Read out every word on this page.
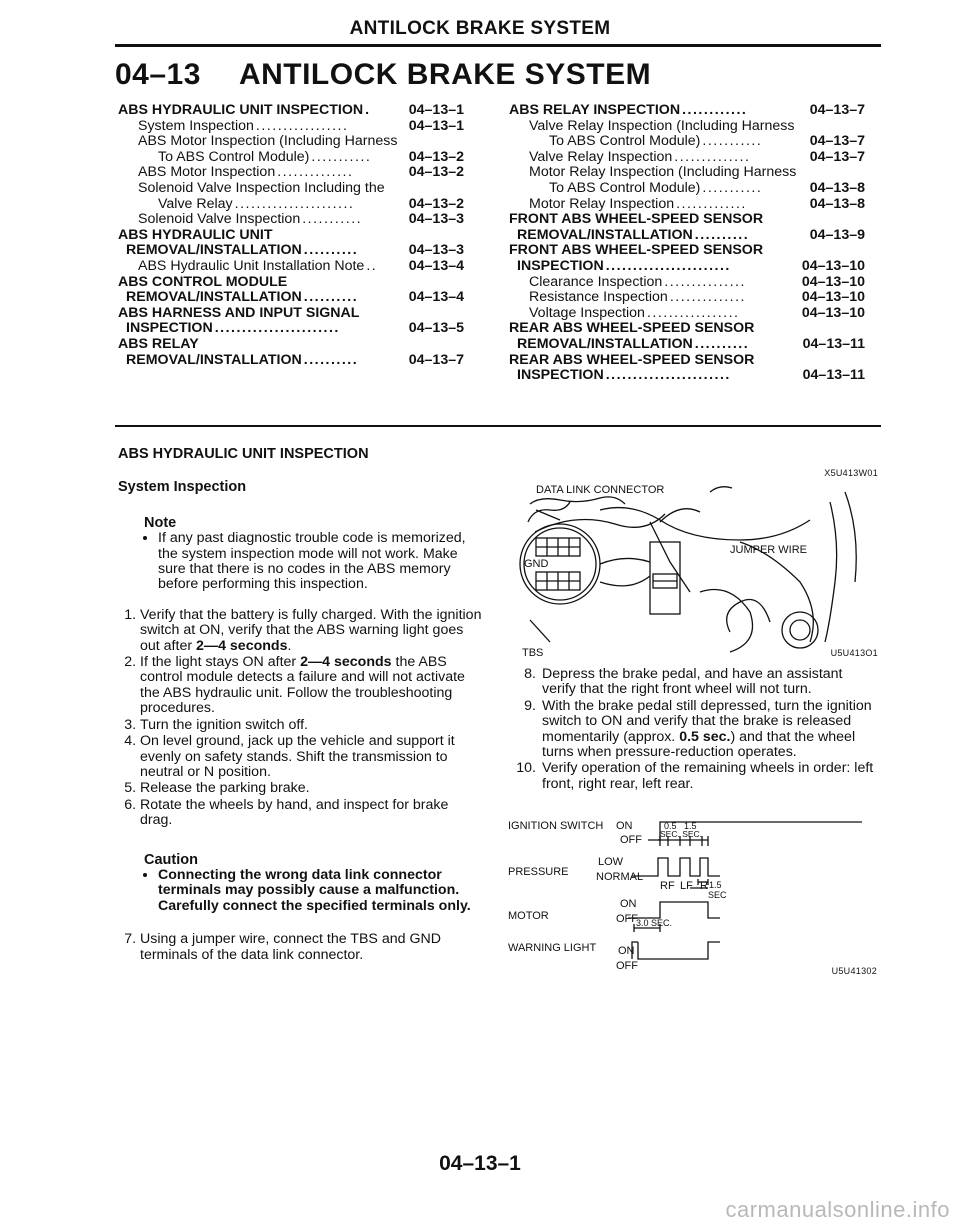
ANTILOCK BRAKE SYSTEM
04–13 ANTILOCK BRAKE SYSTEM
ABS HYDRAULIC UNIT INSPECTION .	04–13–1
System Inspection .................	04–13–1
ABS Motor Inspection (Including Harness
To ABS Control Module) ...........	04–13–2
ABS Motor Inspection ..............	04–13–2
Solenoid Valve Inspection Including the
Valve Relay ......................	04–13–2
Solenoid Valve Inspection ...........	04–13–3
ABS HYDRAULIC UNIT
REMOVAL/INSTALLATION ..........	04–13–3
ABS Hydraulic Unit Installation Note ..	04–13–4
ABS CONTROL MODULE
REMOVAL/INSTALLATION ..........	04–13–4
ABS HARNESS AND INPUT SIGNAL
INSPECTION .......................	04–13–5
ABS RELAY
REMOVAL/INSTALLATION ..........	04–13–7
ABS RELAY INSPECTION ............	04–13–7
Valve Relay Inspection (Including Harness
To ABS Control Module) ...........	04–13–7
Valve Relay Inspection ..............	04–13–7
Motor Relay Inspection (Including Harness
To ABS Control Module) ...........	04–13–8
Motor Relay Inspection .............	04–13–8
FRONT ABS WHEEL-SPEED SENSOR
REMOVAL/INSTALLATION ..........	04–13–9
FRONT ABS WHEEL-SPEED SENSOR
INSPECTION .......................	04–13–10
Clearance Inspection ...............	04–13–10
Resistance Inspection ..............	04–13–10
Voltage Inspection .................	04–13–10
REAR ABS WHEEL-SPEED SENSOR
REMOVAL/INSTALLATION ..........	04–13–11
REAR ABS WHEEL-SPEED SENSOR
INSPECTION .......................	04–13–11
ABS HYDRAULIC UNIT INSPECTION
System Inspection
Note
• If any past diagnostic trouble code is memorized, the system inspection mode will not work. Make sure that there is no codes in the ABS memory before performing this inspection.
1. Verify that the battery is fully charged. With the ignition switch at ON, verify that the ABS warning light goes out after 2—4 seconds.
2. If the light stays ON after 2—4 seconds the ABS control module detects a failure and will not activate the ABS hydraulic unit. Follow the troubleshooting procedures.
3. Turn the ignition switch off.
4. On level ground, jack up the vehicle and support it evenly on safety stands. Shift the transmission to neutral or N position.
5. Release the parking brake.
6. Rotate the wheels by hand, and inspect for brake drag.
Caution
• Connecting the wrong data link connector terminals may possibly cause a malfunction. Carefully connect the specified terminals only.
7. Using a jumper wire, connect the TBS and GND terminals of the data link connector.
X5U413W01
DATA LINK CONNECTOR
JUMPER WIRE
GND
TBS	U5U413O1
8. Depress the brake pedal, and have an assistant verify that the right front wheel will not turn.
9. With the brake pedal still depressed, turn the ignition switch to ON and verify that the brake is released momentarily (approx. 0.5 sec.) and that the wheel turns when pressure-reduction operates.
10. Verify operation of the remaining wheels in order: left front, right rear, left rear.
IGNITION SWITCH ON
OFF
0.5 1.5
SEC. SEC.
PRESSURE
LOW
NORMAL
RF LF R 1.5
SEC
MOTOR
ON
OFF
3.0 SEC.
WARNING LIGHT ON
OFF	U5U41302
04–13–1
carmanualsonline.info
